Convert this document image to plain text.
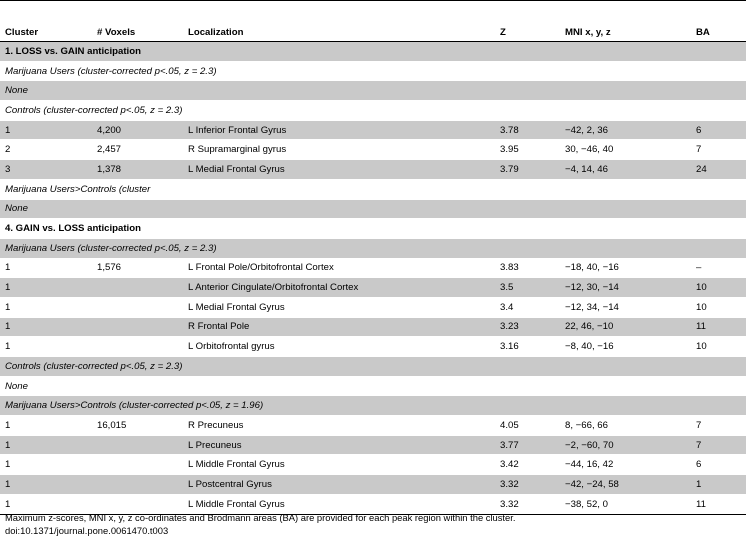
Cluster	# Voxels	Localization	Z	MNI x, y, z	BA
1. LOSS vs. GAIN anticipation					
Marijuana Users (cluster-corrected p<.05, z = 2.3)					
None					
Controls (cluster-corrected p<.05, z = 2.3)					
1	4,200	L Inferior Frontal Gyrus	3.78	−42, 2, 36	6
2	2,457	R Supramarginal gyrus	3.95	30, −46, 40	7
3	1,378	L Medial Frontal Gyrus	3.79	−4, 14, 46	24
Marijuana Users>Controls (cluster					
None					
4. GAIN vs. LOSS anticipation					
Marijuana Users (cluster-corrected p<.05, z = 2.3)					
1	1,576	L Frontal Pole/Orbitofrontal Cortex	3.83	−18, 40, −16	–
1		L Anterior Cingulate/Orbitofrontal Cortex	3.5	−12, 30, −14	10
1		L Medial Frontal Gyrus	3.4	−12, 34, −14	10
1		R Frontal Pole	3.23	22, 46, −10	11
1		L Orbitofrontal gyrus	3.16	−8, 40, −16	10
Controls (cluster-corrected p<.05, z = 2.3)					
None					
Marijuana Users>Controls (cluster-corrected p<.05, z = 1.96)					
1	16,015	R Precuneus	4.05	8, −66, 66	7
1		L Precuneus	3.77	−2, −60, 70	7
1		L Middle Frontal Gyrus	3.42	−44, 16, 42	6
1		L Postcentral Gyrus	3.32	−42, −24, 58	1
1		L Middle Frontal Gyrus	3.32	−38, 52, 0	11
Maximum z-scores, MNI x, y, z co-ordinates and Brodmann areas (BA) are provided for each peak region within the cluster.
doi:10.1371/journal.pone.0061470.t003
